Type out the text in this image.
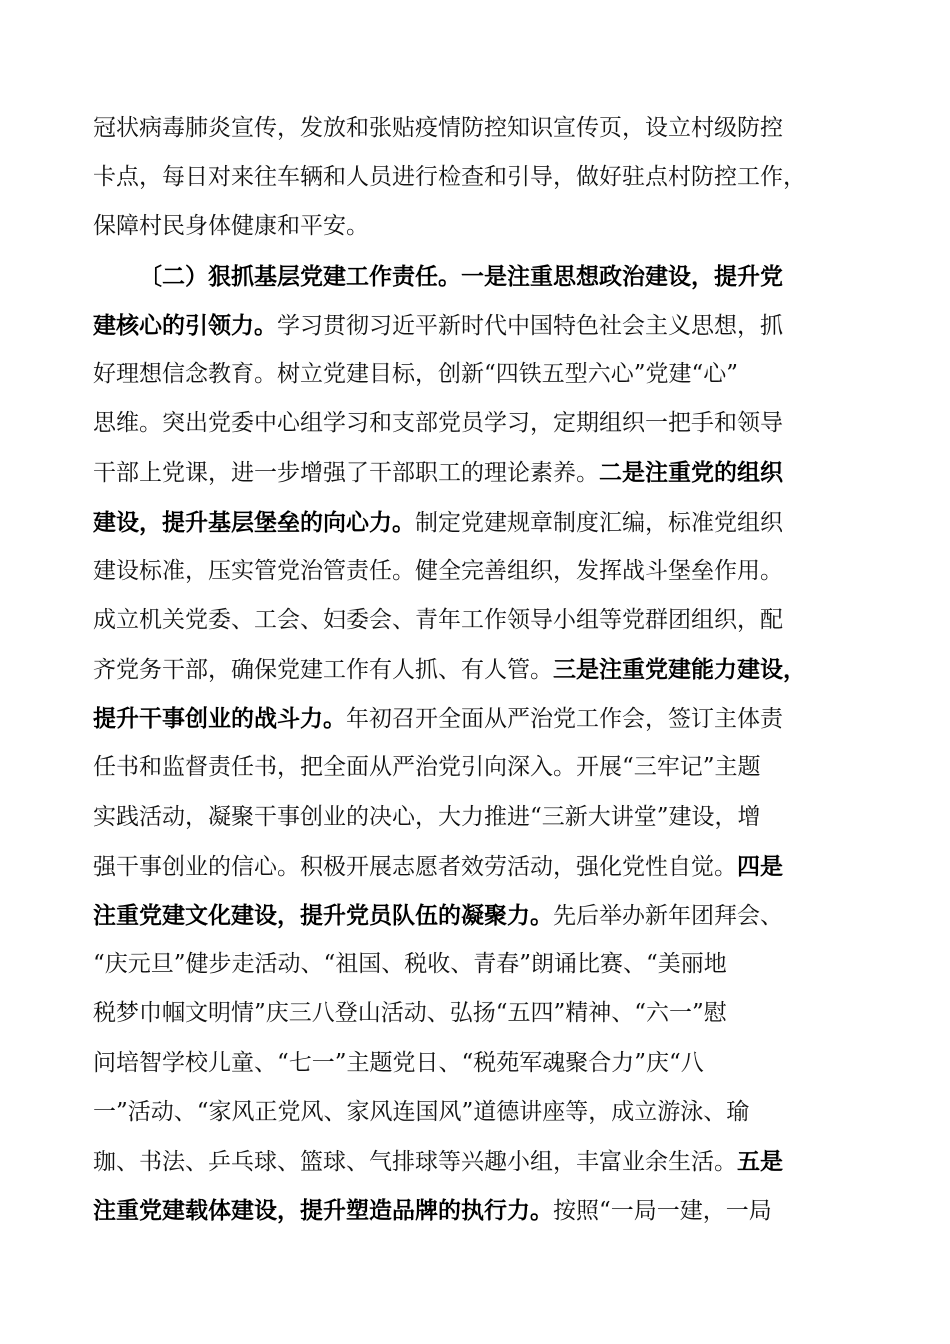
冠状病毒肺炎宣传，发放和张贴疫情防控知识宣传页，设立村级防控
卡点，每日对来往车辆和人员进行检查和引导，做好驻点村防控工作，
保障村民身体健康和平安。
〔二）狠抓基层党建工作责任。一是注重思想政治建设，提升党
建核心的引领力。学习贯彻习近平新时代中国特色社会主义思想，抓
好理想信念教育。树立党建目标，创新“四铁五型六心”党建“心”
思维。突出党委中心组学习和支部党员学习，定期组织一把手和领导
干部上党课，进一步增强了干部职工的理论素养。二是注重党的组织
建设，提升基层堡垒的向心力。制定党建规章制度汇编，标准党组织
建设标准，压实管党治管责任。健全完善组织，发挥战斗堡垒作用。
成立机关党委、工会、妇委会、青年工作领导小组等党群团组织，配
齐党务干部，确保党建工作有人抓、有人管。三是注重党建能力建设，
提升干事创业的战斗力。年初召开全面从严治党工作会，签订主体责
任书和监督责任书，把全面从严治党引向深入。开展“三牢记”主题
实践活动，凝聚干事创业的决心，大力推进“三新大讲堂”建设，增
强干事创业的信心。积极开展志愿者效劳活动，强化党性自觉。四是
注重党建文化建设，提升党员队伍的凝聚力。先后举办新年团拜会、
“庆元旦”健步走活动、“祖国、税收、青春”朗诵比赛、“美丽地
税梦巾帼文明情”庆三八登山活动、弘扬“五四”精神、“六一”慰
问培智学校儿童、“七一”主题党日、“税苑军魂聚合力”庆“八
一”活动、“家风正党风、家风连国风”道德讲座等，成立游泳、瑜
珈、书法、乒乓球、篮球、气排球等兴趣小组，丰富业余生活。五是
注重党建载体建设，提升塑造品牌的执行力。按照“一局一建，一局
